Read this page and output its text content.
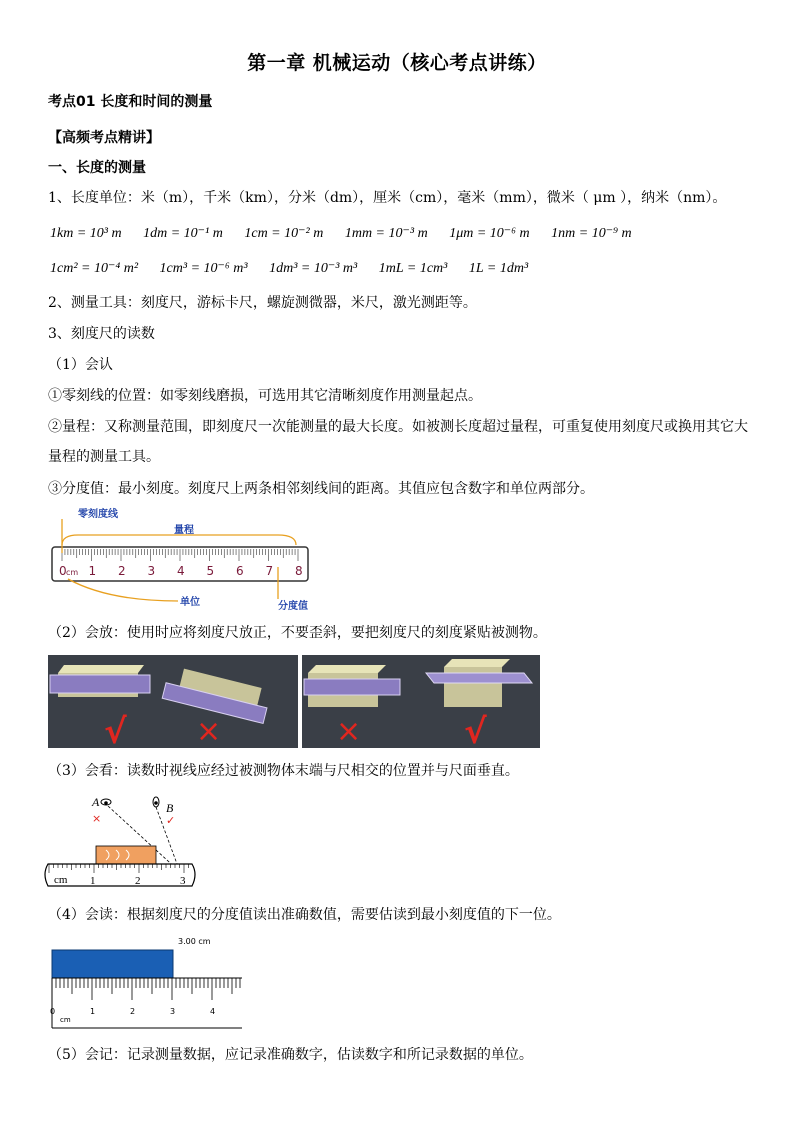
第一章 机械运动（核心考点讲练）
考点01 长度和时间的测量
【高频考点精讲】
一、长度的测量
1、长度单位：米（m），千米（km），分米（dm），厘米（cm），毫米（mm），微米（ μm ），纳米（nm）。
1km = 10³ m 1dm = 10⁻¹ m 1cm = 10⁻² m 1mm = 10⁻³ m 1μm = 10⁻⁶ m 1nm = 10⁻⁹ m
1cm² = 10⁻⁴ m² 1cm³ = 10⁻⁶ m³ 1dm³ = 10⁻³ m³ 1mL = 1cm³ 1L = 1dm³
2、测量工具：刻度尺，游标卡尺，螺旋测微器，米尺，激光测距等。
3、刻度尺的读数
（1）会认
①零刻线的位置：如零刻线磨损，可选用其它清晰刻度作用测量起点。
②量程：又称测量范围，即刻度尺一次能测量的最大长度。如被测长度超过量程，可重复使用刻度尺或换用其它大量程的测量工具。
③分度值：最小刻度。刻度尺上两条相邻刻线间的距离。其值应包含数字和单位两部分。
0 1 2 3 4 5 6 7 8
cm
零刻度线
量程
单位	分度值
（2）会放：使用时应将刻度尺放正，不要歪斜，要把刻度尺的刻度紧贴被测物。
√ ×	×	√
（3）会看：读数时视线应经过被测物体末端与尺相交的位置并与尺面垂直。
A	B
×	✓
cm 1	2	3
（4）会读：根据刻度尺的分度值读出准确数值，需要估读到最小刻度值的下一位。
3.00 cm
0	1	2	3	4
cm
（5）会记：记录测量数据，应记录准确数字，估读数字和所记录数据的单位。
